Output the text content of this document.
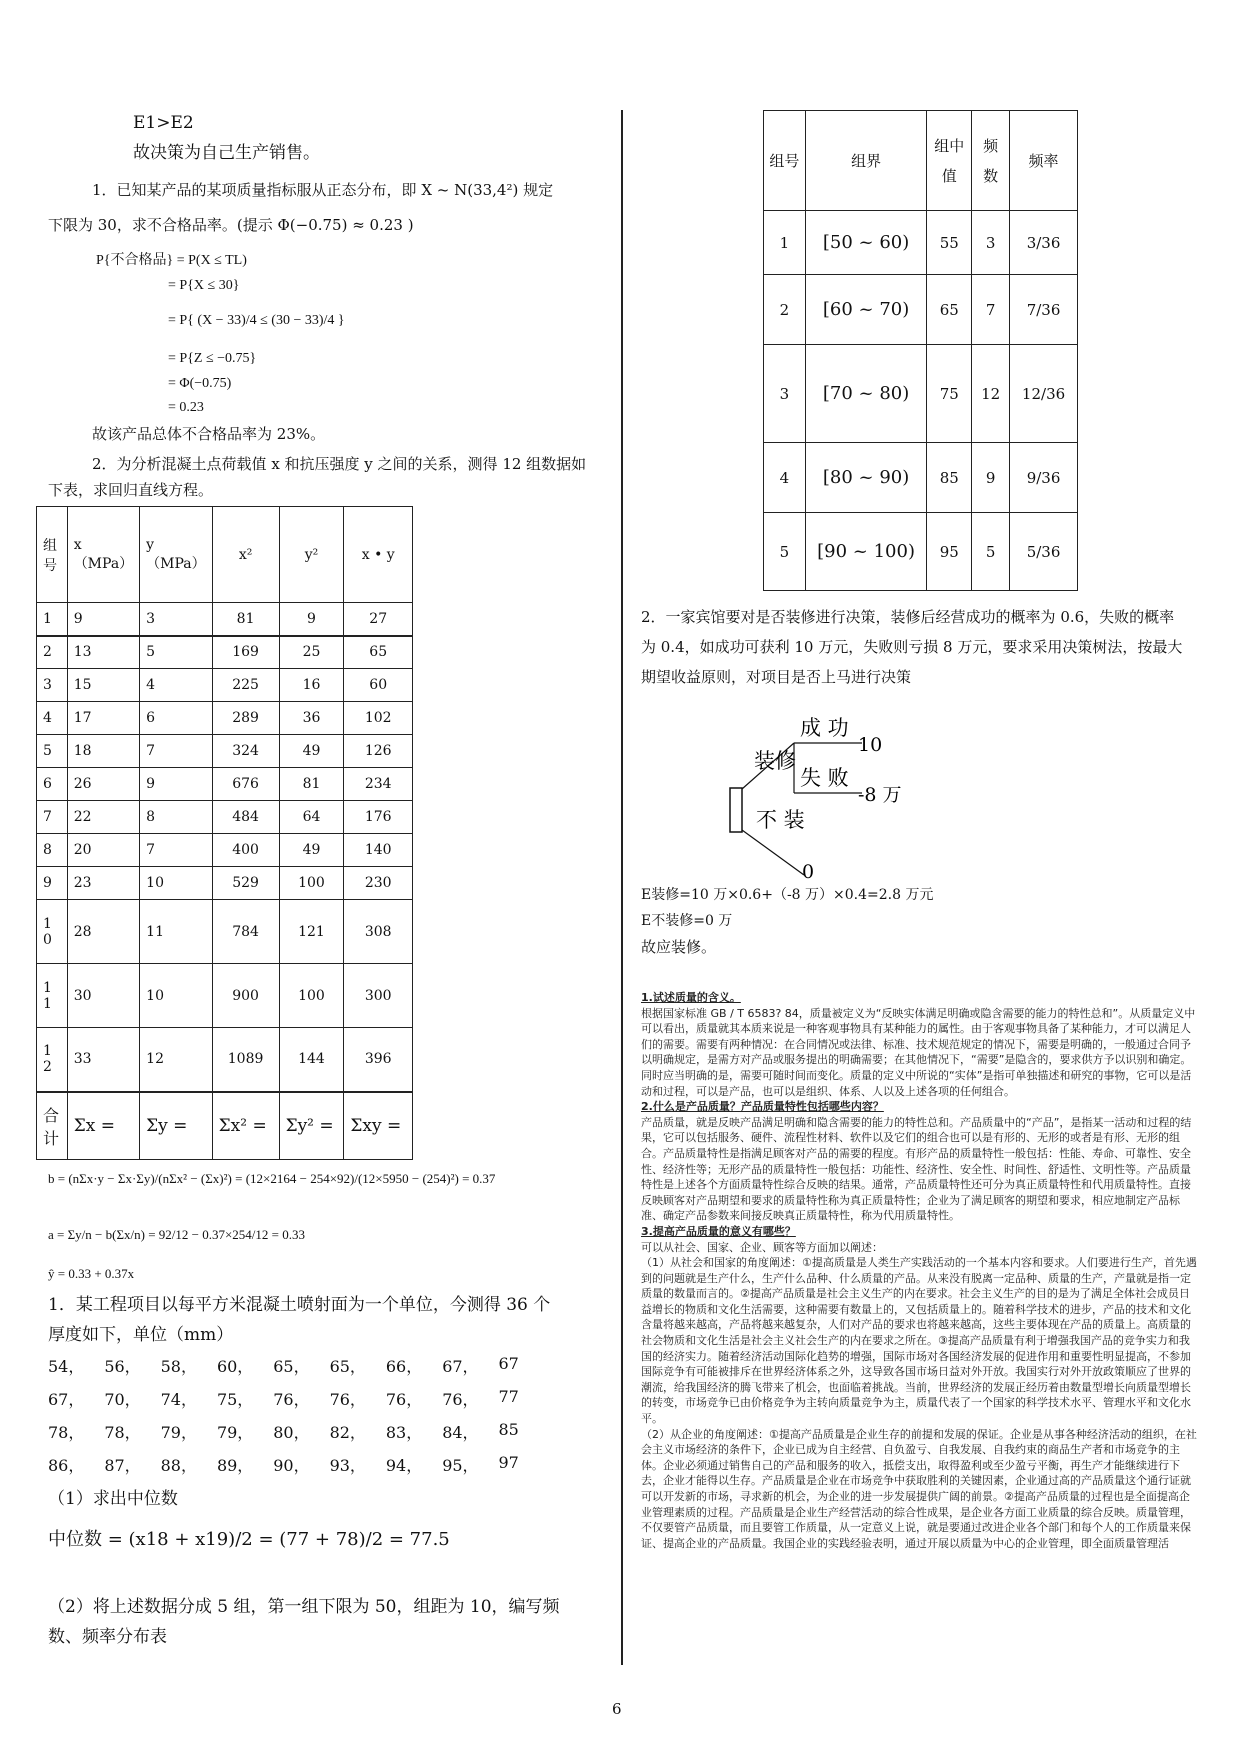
E1>E2
故决策为自己生产销售。
1．已知某产品的某项质量指标服从正态分布，即 X ~ N(33,4²) 规定
下限为 30，求不合格品率。(提示 Φ(−0.75) ≈ 0.23 )
P{不合格品} = P(X ≤ TL)
= P{X ≤ 30}
= P{ (X − 33)/4 ≤ (30 − 33)/4 }
= P{Z ≤ −0.75}
= Φ(−0.75)
= 0.23
故该产品总体不合格品率为 23%。
2．为分析混凝土点荷载值 x 和抗压强度 y 之间的关系，测得 12 组数据如
下表，求回归直线方程。
组号	x（MPa）	y（MPa）	x²	y²	x • y
1	9	3	81	9	27
2	13	5	169	25	65
3	15	4	225	16	60
4	17	6	289	36	102
5	18	7	324	49	126
6	26	9	676	81	234
7	22	8	484	64	176
8	20	7	400	49	140
9	23	10	529	100	230
10	28	11	784	121	308
11	30	10	900	100	300
12	33	12	1089	144	396
合计	Σx =	Σy =	Σx² =	Σy² =	Σxy =
b = (nΣx·y − Σx·Σy)/(nΣx² − (Σx)²) = (12×2164 − 254×92)/(12×5950 − (254)²) = 0.37
a = Σy/n − b(Σx/n) = 92/12 − 0.37×254/12 = 0.33
ŷ = 0.33 + 0.37x
1．某工程项目以每平方米混凝土喷射面为一个单位，今测得 36 个
厚度如下，单位（mm）
54，	56，	58，	60，	65，	65，	66，	67，	67
67，	70，	74，	75，	76，	76，	76，	76，	77
78，	78，	79，	79，	80，	82，	83，	84，	85
86，	87，	88，	89，	90，	93，	94，	95，	97
（1）求出中位数
中位数 = (x18 + x19)/2 = (77 + 78)/2 = 77.5
（2）将上述数据分成 5 组，第一组下限为 50，组距为 10，编写频
数、频率分布表
组号	组界	组中值	频数	频率
1	[50 ~ 60)	55	3	3/36
2	[60 ~ 70)	65	7	7/36
3	[70 ~ 80)	75	12	12/36
4	[80 ~ 90)	85	9	9/36
5	[90 ~ 100)	95	5	5/36
2．一家宾馆要对是否装修进行决策，装修后经营成功的概率为 0.6，失败的概率
为 0.4，如成功可获利 10 万元，失败则亏损 8 万元，要求采用决策树法，按最大
期望收益原则，对项目是否上马进行决策
成 功
10
装修
失 败
-8 万
不 装
0
E装修=10 万×0.6+（-8 万）×0.4=2.8 万元
E不装修=0 万
故应装修。

1.试述质量的含义。

根据国家标准 GB / T 6583? 84，质量被定义为“反映实体满足明确或隐含需要的能力的特性总和”。从质量定义中可以看出，质量就其本质来说是一种客观事物具有某种能力的属性。由于客观事物具备了某种能力，才可以满足人们的需要。需要有两种情况：在合同情况或法律、标准、技术规范规定的情况下，需要是明确的，一般通过合同予以明确规定，是需方对产品或服务提出的明确需要；在其他情况下，“需要”是隐含的，要求供方予以识别和确定。同时应当明确的是，需要可随时间而变化。质量的定义中所说的“实体”是指可单独描述和研究的事物，它可以是活动和过程，可以是产品，也可以是组织、体系、人以及上述各项的任何组合。

2.什么是产品质量？产品质量特性包括哪些内容？

产品质量，就是反映产品满足明确和隐含需要的能力的特性总和。产品质量中的“产品”，是指某一活动和过程的结果，它可以包括服务、硬件、流程性材料、软件以及它们的组合也可以是有形的、无形的或者是有形、无形的组合。产品质量特性是指满足顾客对产品的需要的程度。有形产品的质量特性一般包括：性能、寿命、可靠性、安全性、经济性等；无形产品的质量特性一般包括：功能性、经济性、安全性、时间性、舒适性、文明性等。产品质量特性是上述各个方面质量特性综合反映的结果。通常，产品质量特性还可分为真正质量特性和代用质量特性。直接反映顾客对产品期望和要求的质量特性称为真正质量特性；企业为了满足顾客的期望和要求，相应地制定产品标准、确定产品参数来间接反映真正质量特性，称为代用质量特性。

3.提高产品质量的意义有哪些？

可以从社会、国家、企业、顾客等方面加以阐述：

（1）从社会和国家的角度阐述：①提高质量是人类生产实践活动的一个基本内容和要求。人们要进行生产，首先遇到的问题就是生产什么，生产什么品种、什么质量的产品。从来没有脱离一定品种、质量的生产，产量就是指一定质量的数量而言的。②提高产品质量是社会主义生产的内在要求。社会主义生产的目的是为了满足全体社会成员日益增长的物质和文化生活需要，这种需要有数量上的，又包括质量上的。随着科学技术的进步，产品的技术和文化含量将越来越高，产品将越来越复杂，人们对产品的要求也将越来越高，这些主要体现在产品的质量上。高质量的社会物质和文化生活是社会主义社会生产的内在要求之所在。③提高产品质量有利于增强我国产品的竞争实力和我国的经济实力。随着经济活动国际化趋势的增强，国际市场对各国经济发展的促进作用和重要性明显提高，不参加国际竞争有可能被排斥在世界经济体系之外，这导致各国市场日益对外开放。我国实行对外开放政策顺应了世界的潮流，给我国经济的腾飞带来了机会，也面临着挑战。当前，世界经济的发展正经历着由数量型增长向质量型增长的转变，市场竞争已由价格竞争为主转向质量竞争为主，质量代表了一个国家的科学技术水平、管理水平和文化水平。

（2）从企业的角度阐述：①提高产品质量是企业生存的前提和发展的保证。企业是从事各种经济活动的组织，在社会主义市场经济的条件下，企业已成为自主经营、自负盈亏、自我发展、自我约束的商品生产者和市场竞争的主体。企业必须通过销售自己的产品和服务的收入，抵偿支出，取得盈利或至少盈亏平衡，再生产才能继续进行下去，企业才能得以生存。产品质量是企业在市场竞争中获取胜利的关键因素，企业通过高的产品质量这个通行证就可以开发新的市场，寻求新的机会，为企业的进一步发展提供广阔的前景。②提高产品质量的过程也是全面提高企业管理素质的过程。产品质量是企业生产经营活动的综合性成果，是企业各方面工业质量的综合反映。质量管理，不仅要管产品质量，而且要管工作质量，从一定意义上说，就是要通过改进企业各个部门和每个人的工作质量来保证、提高企业的产品质量。我国企业的实践经验表明，通过开展以质量为中心的企业管理，即全面质量管理活

6
